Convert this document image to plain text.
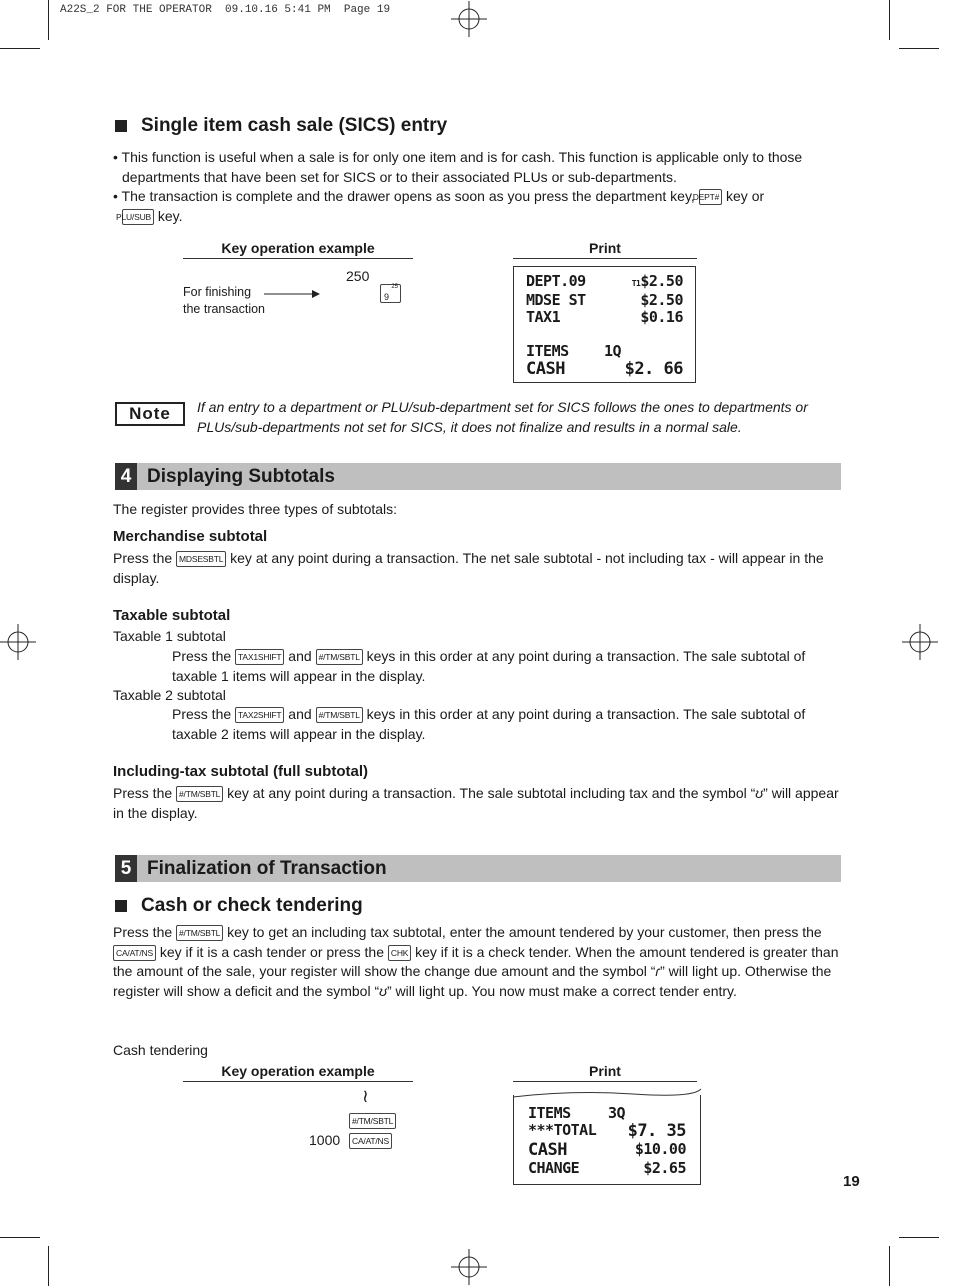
A22S_2 FOR THE OPERATOR  09.10.16 5:41 PM  Page 19
Single item cash sale (SICS) entry
• This function is useful when a sale is for only one item and is for cash. This function is applicable only to those departments that have been set for SICS or to their associated PLUs or sub-departments.
• The transaction is complete and the drawer opens as soon as you press the department key, DEPT# key or
PLU/SUB key.
Key operation example	Print
250
25
9
For finishing
the transaction
DEPT.09	T1$2.50
MDSE ST	$2.50
TAX1	$0.16
ITEMS	1Q
CASH	$2. 66
Note	If an entry to a department or PLU/sub-department set for SICS follows the ones to departments or PLUs/sub-departments not set for SICS, it does not finalize and results in a normal sale.
4 Displaying Subtotals
The register provides three types of subtotals:
Merchandise subtotal
Press the MDSESBTL key at any point during a transaction. The net sale subtotal - not including tax - will appear in the display.
Taxable subtotal
Taxable 1 subtotal
Press the TAX1SHIFT and #/TM/SBTL keys in this order at any point during a transaction. The sale subtotal of taxable 1 items will appear in the display.
Taxable 2 subtotal
Press the TAX2SHIFT and #/TM/SBTL keys in this order at any point during a transaction. The sale subtotal of taxable 2 items will appear in the display.
Including-tax subtotal (full subtotal)
Press the #/TM/SBTL key at any point during a transaction. The sale subtotal including tax and the symbol “ʊ” will appear in the display.
5 Finalization of Transaction
Cash or check tendering
Press the #/TM/SBTL key to get an including tax subtotal, enter the amount tendered by your customer, then press the CA/AT/NS key if it is a cash tender or press the CHK key if it is a check tender. When the amount tendered is greater than the amount of the sale, your register will show the change due amount and the symbol “ɾ” will light up. Otherwise the register will show a deficit and the symbol “ʊ” will light up. You now must make a correct tender entry.
Cash tendering
Key operation example	Print
≀
#/TM/SBTL
1000	CA/AT/NS
ITEMS	3Q
***TOTAL $7. 35
CASH	$10.00
CHANGE	$2.65
19
